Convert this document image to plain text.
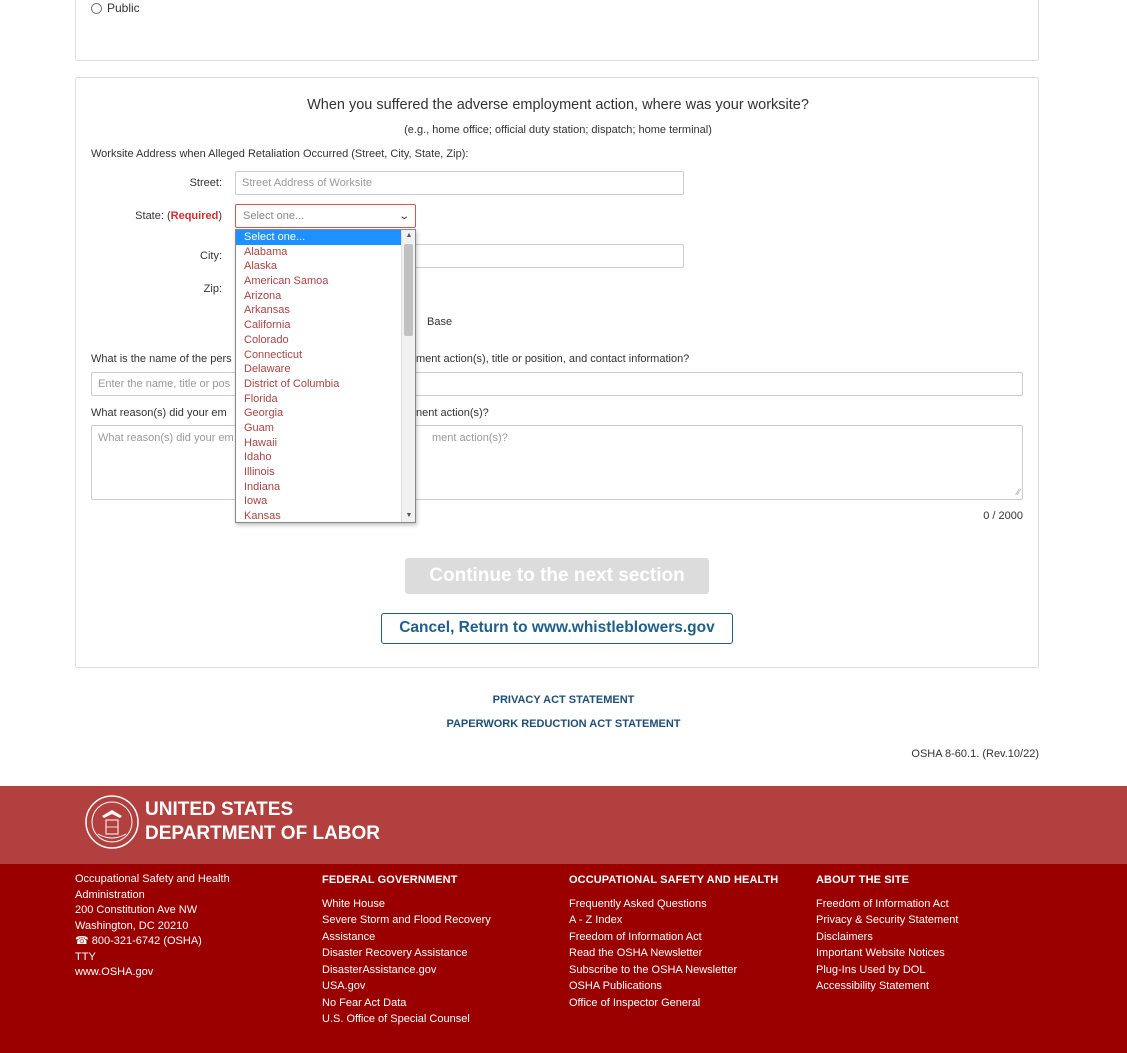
Public
When you suffered the adverse employment action, where was your worksite?
(e.g., home office; official duty station; dispatch; home terminal)
Worksite Address when Alleged Retaliation Occurred (Street, City, State, Zip):
Street:	Street Address of Worksite
State: (Required) Select one...	⌄
City:
Zip:
Base
What is the name of the pers	ment action(s), title or position, and contact information?
Enter the name, title or pos
What reason(s) did your em	nent action(s)?
What reason(s) did your em	ment action(s)?
∕∕
0 / 2000
Continue to the next section
Cancel, Return to www.whistleblowers.gov
Select one...
Alabama
Alaska
American Samoa
Arizona
Arkansas
California
Colorado
Connecticut
Delaware
District of Columbia
Florida
Georgia
Guam
Hawaii
Idaho
Illinois
Indiana
Iowa
Kansas
▲
▼
PRIVACY ACT STATEMENT
PAPERWORK REDUCTION ACT STATEMENT
OSHA 8-60.1. (Rev.10/22)
UNITED STATES
DEPARTMENT OF LABOR
Occupational Safety and Health
Administration
200 Constitution Ave NW
Washington, DC 20210
☎ 800-321-6742 (OSHA)
TTY
www.OSHA.gov
FEDERAL GOVERNMENT
White House
Severe Storm and Flood Recovery
Assistance
Disaster Recovery Assistance
DisasterAssistance.gov
USA.gov
No Fear Act Data
U.S. Office of Special Counsel
OCCUPATIONAL SAFETY AND HEALTH
Frequently Asked Questions
A - Z Index
Freedom of Information Act
Read the OSHA Newsletter
Subscribe to the OSHA Newsletter
OSHA Publications
Office of Inspector General
ABOUT THE SITE
Freedom of Information Act
Privacy & Security Statement
Disclaimers
Important Website Notices
Plug-Ins Used by DOL
Accessibility Statement
